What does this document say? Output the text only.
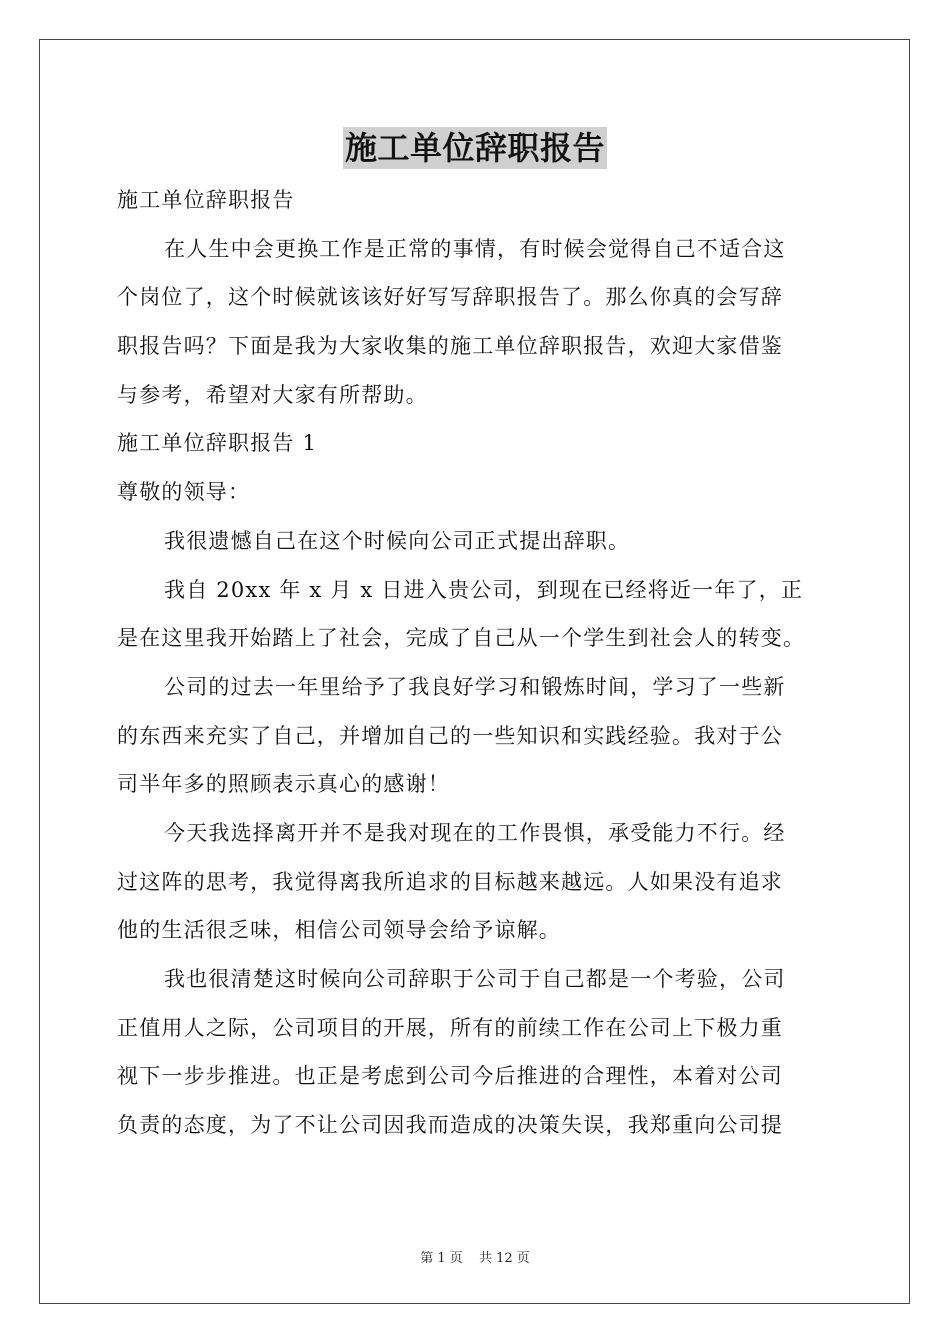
施工单位辞职报告
施工单位辞职报告
在人生中会更换工作是正常的事情，有时候会觉得自己不适合这
个岗位了，这个时候就该该好好写写辞职报告了。那么你真的会写辞
职报告吗？下面是我为大家收集的施工单位辞职报告，欢迎大家借鉴
与参考，希望对大家有所帮助。
施工单位辞职报告 1
尊敬的领导：
我很遗憾自己在这个时候向公司正式提出辞职。
我自 20xx 年 x 月 x 日进入贵公司，到现在已经将近一年了，正
是在这里我开始踏上了社会，完成了自己从一个学生到社会人的转变。
公司的过去一年里给予了我良好学习和锻炼时间，学习了一些新
的东西来充实了自己，并增加自己的一些知识和实践经验。我对于公
司半年多的照顾表示真心的感谢！
今天我选择离开并不是我对现在的工作畏惧，承受能力不行。经
过这阵的思考，我觉得离我所追求的目标越来越远。人如果没有追求
他的生活很乏味，相信公司领导会给予谅解。
我也很清楚这时候向公司辞职于公司于自己都是一个考验，公司
正值用人之际，公司项目的开展，所有的前续工作在公司上下极力重
视下一步步推进。也正是考虑到公司今后推进的合理性，本着对公司
负责的态度，为了不让公司因我而造成的决策失误，我郑重向公司提
第 1 页 共 12 页
